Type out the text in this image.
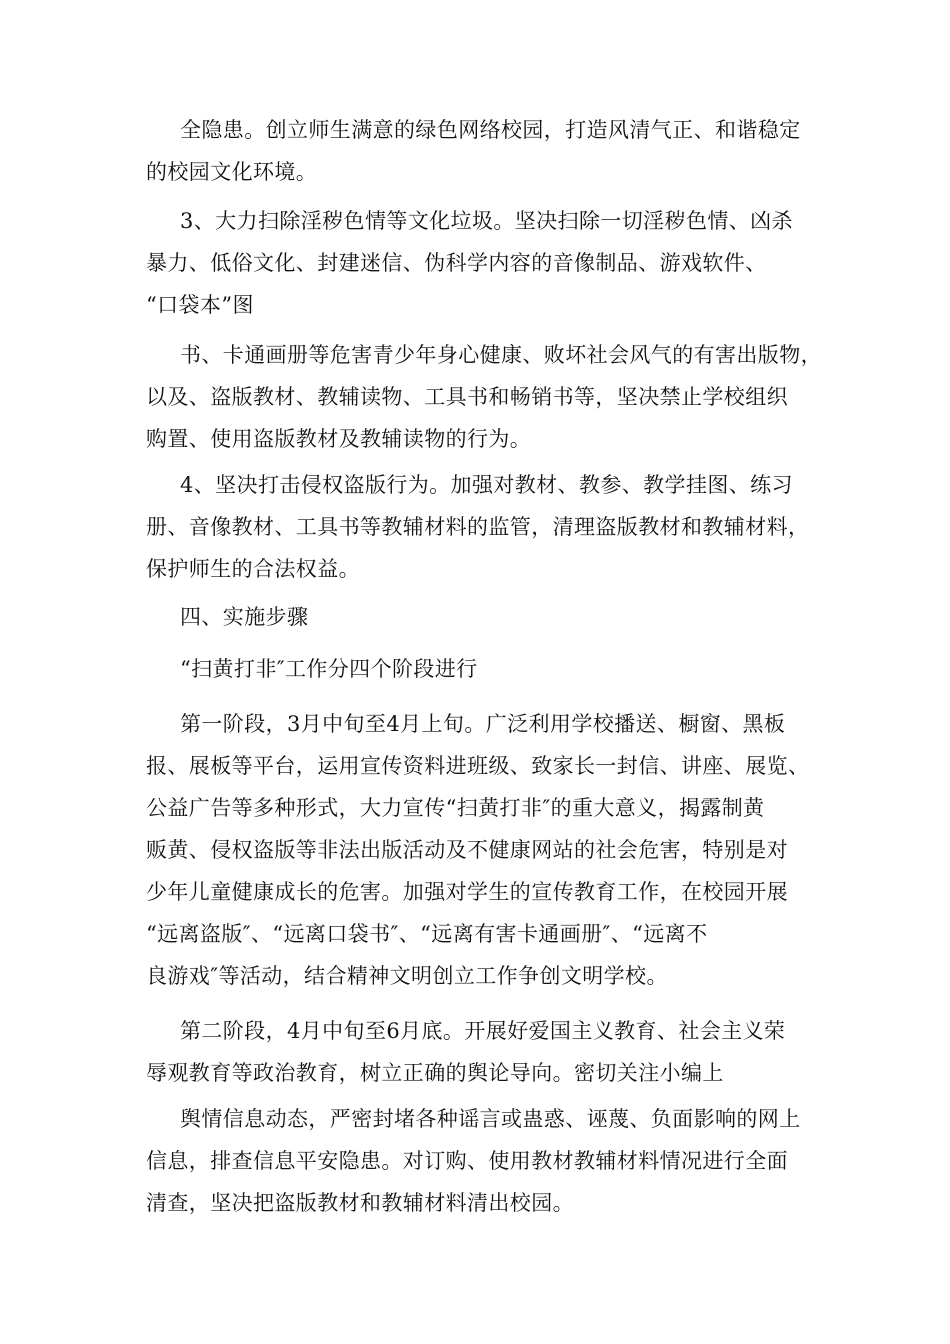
全隐患。创立师生满意的绿色网络校园，打造风清气正、和谐稳定
的校园文化环境。
3、大力扫除淫秽色情等文化垃圾。坚决扫除一切淫秽色情、凶杀
暴力、低俗文化、封建迷信、伪科学内容的音像制品、游戏软件、
“口袋本”图
书、卡通画册等危害青少年身心健康、败坏社会风气的有害出版物，
以及、盗版教材、教辅读物、工具书和畅销书等，坚决禁止学校组织
购置、使用盗版教材及教辅读物的行为。
4、坚决打击侵权盗版行为。加强对教材、教参、教学挂图、练习
册、音像教材、工具书等教辅材料的监管，清理盗版教材和教辅材料，
保护师生的合法权益。
四、实施步骤
“扫黄打非″工作分四个阶段进行
第一阶段，3月中旬至4月上旬。广泛利用学校播送、橱窗、黑板
报、展板等平台，运用宣传资料进班级、致家长一封信、讲座、展览、
公益广告等多种形式，大力宣传“扫黄打非″的重大意义，揭露制黄
贩黄、侵权盗版等非法出版活动及不健康网站的社会危害，特别是对
少年儿童健康成长的危害。加强对学生的宣传教育工作，在校园开展
“远离盗版″、“远离口袋书″、“远离有害卡通画册″、“远离不
良游戏″等活动，结合精神文明创立工作争创文明学校。
第二阶段，4月中旬至6月底。开展好爱国主义教育、社会主义荣
辱观教育等政治教育，树立正确的舆论导向。密切关注小编上
舆情信息动态，严密封堵各种谣言或蛊惑、诬蔑、负面影响的网上
信息，排查信息平安隐患。对订购、使用教材教辅材料情况进行全面
清查，坚决把盗版教材和教辅材料清出校园。
